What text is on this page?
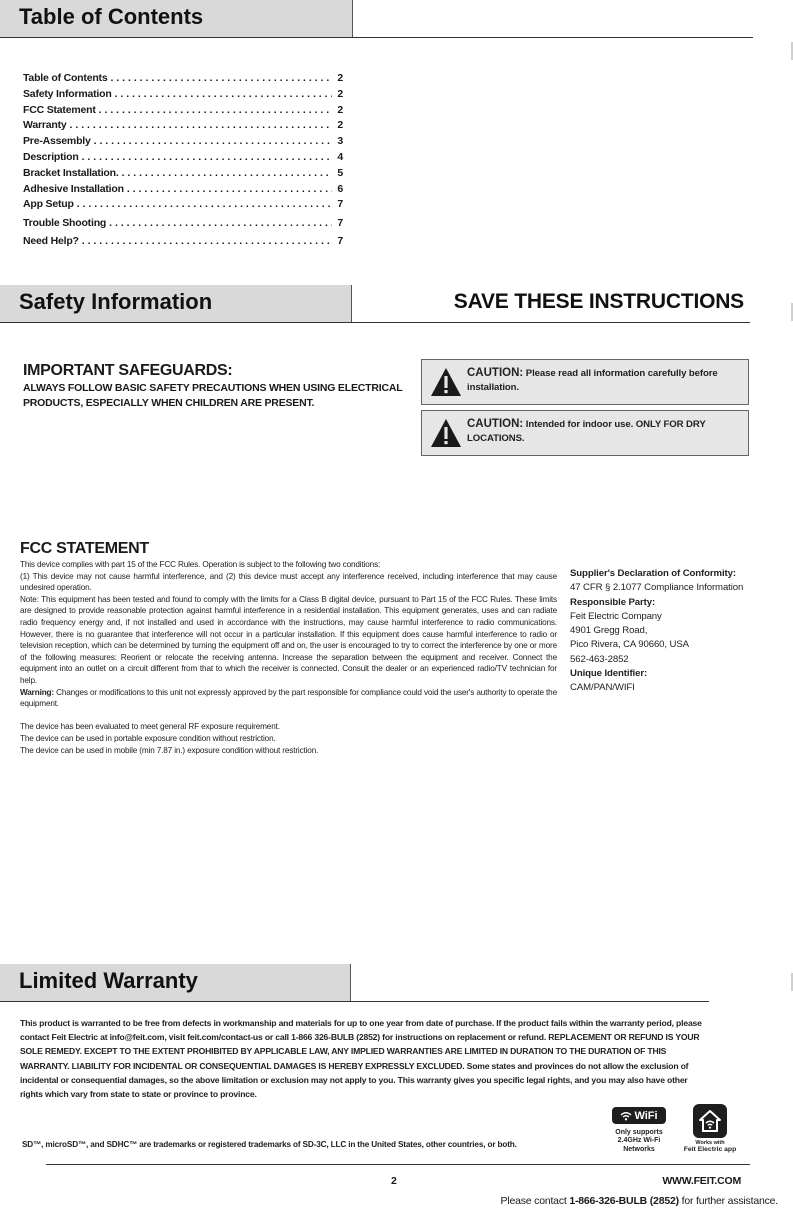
Table of Contents
Table of Contents . . .	2
Safety Information . . .	2
FCC Statement . . .	2
Warranty . . .	2
Pre-Assembly . . .	3
Description . . .	4
Bracket Installation. . . .	5
Adhesive Installation . . .	6
App Setup . . .	7
Trouble Shooting . . .	7
Need Help? . . .	7
Safety Information	SAVE THESE INSTRUCTIONS
IMPORTANT SAFEGUARDS:

ALWAYS FOLLOW BASIC SAFETY PRECAUTIONS WHEN USING ELECTRICAL PRODUCTS, ESPECIALLY WHEN CHILDREN ARE PRESENT.

CAUTION: Please read all information carefully before installation.
CAUTION: Intended for indoor use. ONLY FOR DRY LOCATIONS.
FCC STATEMENT

This device complies with part 15 of the FCC Rules. Operation is subject to the following two conditions:

(1) This device may not cause harmful interference, and (2) this device must accept any interference received, including interference that may cause undesired operation.

Note: This equipment has been tested and found to comply with the limits for a Class B digital device, pursuant to Part 15 of the FCC Rules. These limits are designed to provide reasonable protection against harmful interference in a residential installation. This equipment generates, uses and can radiate radio frequency energy and, if not installed and used in accordance with the instructions, may cause harmful interference to radio communications. However, there is no guarantee that interference will not occur in a particular installation. If this equipment does cause harmful interference to radio or television reception, which can be determined by turning the equipment off and on, the user is encouraged to try to correct the interference by one or more of the following measures: Reorient or relocate the receiving antenna. Increase the separation between the equipment and receiver. Connect the equipment into an outlet on a circuit different from that to which the receiver is connected. Consult the dealer or an experienced radio/TV technician for help.

Warning: Changes or modifications to this unit not expressly approved by the part responsible for compliance could void the user's authority to operate the equipment.

The device has been evaluated to meet general RF exposure requirement.

The device can be used in portable exposure condition without restriction.

The device can be used in mobile (min 7.87 in.) exposure condition without restriction.

Supplier's Declaration of Conformity:
47 CFR § 2.1077 Compliance Information
Responsible Party:
Feit Electric Company
4901 Gregg Road,
Pico Rivera, CA 90660, USA
562-463-2852
Unique Identifier:
CAM/PAN/WIFI
Limited Warranty
This product is warranted to be free from defects in workmanship and materials for up to one year from date of purchase. If the product fails within the warranty period, please contact Feit Electric at info@feit.com, visit feit.com/contact-us or call 1-866 326-BULB (2852) for instructions on replacement or refund. REPLACEMENT OR REFUND IS YOUR SOLE REMEDY. EXCEPT TO THE EXTENT PROHIBITED BY APPLICABLE LAW, ANY IMPLIED WARRANTIES ARE LIMITED IN DURATION TO THE DURATION OF THIS WARRANTY. LIABILITY FOR INCIDENTAL OR CONSEQUENTIAL DAMAGES IS HEREBY EXPRESSLY EXCLUDED. Some states and provinces do not allow the exclusion of incidental or consequential damages, so the above limitation or exclusion may not apply to you. This warranty gives you specific legal rights, and you may also have other rights which vary from state to state or province to province.
SD™, microSD™, and SDHC™ are trademarks or registered trademarks of SD-3C, LLC in the United States, other countries, or both.
WiFi
Only supports
2.4GHz Wi-Fi
Networks
Works with
Feit Electric app
2	WWW.FEIT.COM
Please contact 1-866-326-BULB (2852) for further assistance.
